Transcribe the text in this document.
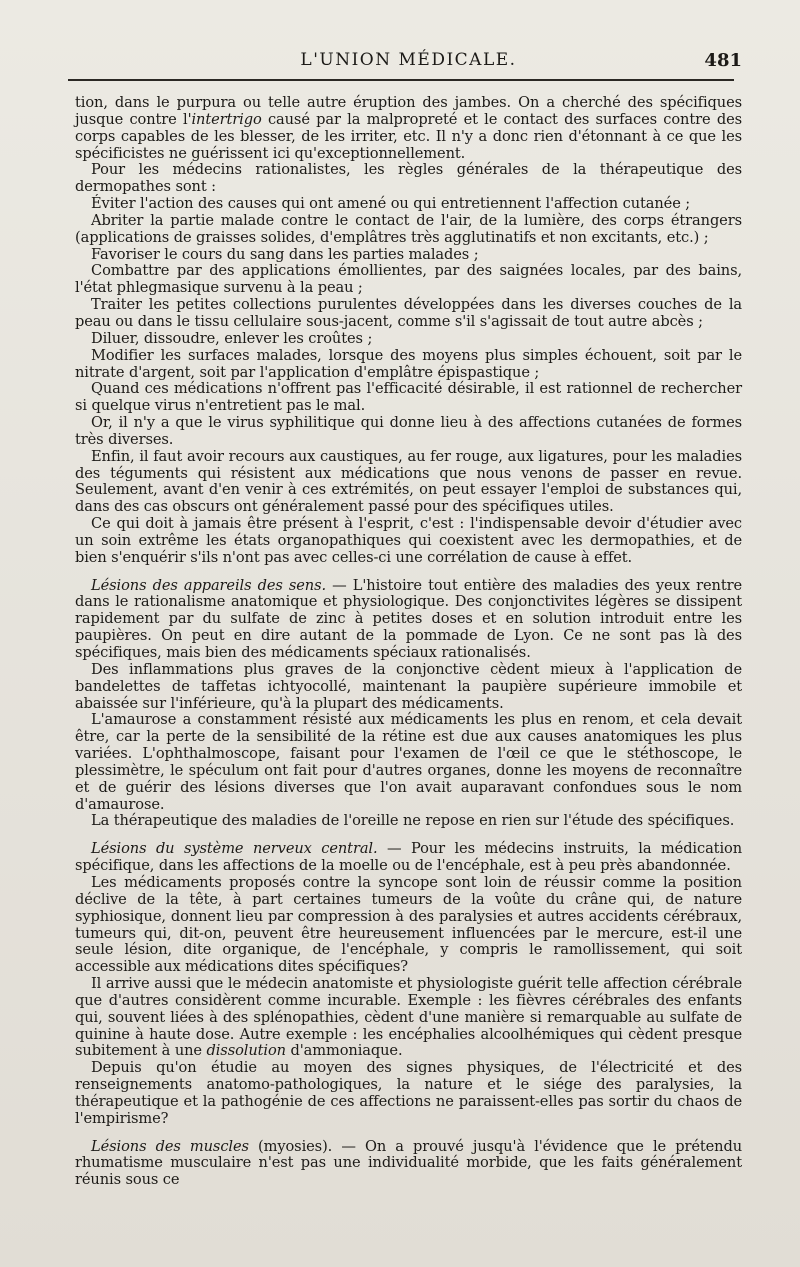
L'UNION MÉDICALE.	481

tion, dans le purpura ou telle autre éruption des jambes. On a cherché des spécifiques jusque contre l'intertrigo causé par la malpropreté et le contact des surfaces contre des corps capables de les blesser, de les irriter, etc. Il n'y a donc rien d'étonnant à ce que les spécificistes ne guérissent ici qu'exceptionnellement.

Pour les médecins rationalistes, les règles générales de la thérapeutique des dermopathes sont :

Éviter l'action des causes qui ont amené ou qui entretiennent l'affection cutanée ;

Abriter la partie malade contre le contact de l'air, de la lumière, des corps étrangers (applications de graisses solides, d'emplâtres très agglutinatifs et non excitants, etc.) ;

Favoriser le cours du sang dans les parties malades ;

Combattre par des applications émollientes, par des saignées locales, par des bains, l'état phlegmasique survenu à la peau ;

Traiter les petites collections purulentes développées dans les diverses couches de la peau ou dans le tissu cellulaire sous-jacent, comme s'il s'agissait de tout autre abcès ;

Diluer, dissoudre, enlever les croûtes ;

Modifier les surfaces malades, lorsque des moyens plus simples échouent, soit par le nitrate d'argent, soit par l'application d'emplâtre épispastique ;

Quand ces médications n'offrent pas l'efficacité désirable, il est rationnel de rechercher si quelque virus n'entretient pas le mal.

Or, il n'y a que le virus syphilitique qui donne lieu à des affections cutanées de formes très diverses.

Enfin, il faut avoir recours aux caustiques, au fer rouge, aux ligatures, pour les maladies des téguments qui résistent aux médications que nous venons de passer en revue. Seulement, avant d'en venir à ces extrémités, on peut essayer l'emploi de substances qui, dans des cas obscurs ont généralement passé pour des spécifiques utiles.

Ce qui doit à jamais être présent à l'esprit, c'est : l'indispensable devoir d'étudier avec un soin extrême les états organopathiques qui coexistent avec les dermopathies, et de bien s'enquérir s'ils n'ont pas avec celles-ci une corrélation de cause à effet.

Lésions des appareils des sens. — L'histoire tout entière des maladies des yeux rentre dans le rationalisme anatomique et physiologique. Des conjonctivites légères se dissipent rapidement par du sulfate de zinc à petites doses et en solution introduit entre les paupières. On peut en dire autant de la pommade de Lyon. Ce ne sont pas là des spécifiques, mais bien des médicaments spéciaux rationalisés.

Des inflammations plus graves de la conjonctive cèdent mieux à l'application de bandelettes de taffetas ichtyocollé, maintenant la paupière supérieure immobile et abaissée sur l'inférieure, qu'à la plupart des médicaments.

L'amaurose a constamment résisté aux médicaments les plus en renom, et cela devait être, car la perte de la sensibilité de la rétine est due aux causes anatomiques les plus variées. L'ophthalmoscope, faisant pour l'examen de l'œil ce que le stéthoscope, le plessimètre, le spéculum ont fait pour d'autres organes, donne les moyens de reconnaître et de guérir des lésions diverses que l'on avait auparavant confondues sous le nom d'amaurose.

La thérapeutique des maladies de l'oreille ne repose en rien sur l'étude des spécifiques.

Lésions du système nerveux central. — Pour les médecins instruits, la médication spécifique, dans les affections de la moelle ou de l'encéphale, est à peu près abandonnée.

Les médicaments proposés contre la syncope sont loin de réussir comme la position déclive de la tête, à part certaines tumeurs de la voûte du crâne qui, de nature syphiosique, donnent lieu par compression à des paralysies et autres accidents cérébraux, tumeurs qui, dit-on, peuvent être heureusement influencées par le mercure, est-il une seule lésion, dite organique, de l'encéphale, y compris le ramollissement, qui soit accessible aux médications dites spécifiques?

Il arrive aussi que le médecin anatomiste et physiologiste guérit telle affection cérébrale que d'autres considèrent comme incurable. Exemple : les fièvres cérébrales des enfants qui, souvent liées à des splénopathies, cèdent d'une manière si remarquable au sulfate de quinine à haute dose. Autre exemple : les encéphalies alcoolhémiques qui cèdent presque subitement à une dissolution d'ammoniaque.

Depuis qu'on étudie au moyen des signes physiques, de l'électricité et des renseignements anatomo-pathologiques, la nature et le siége des paralysies, la thérapeutique et la pathogénie de ces affections ne paraissent-elles pas sortir du chaos de l'empirisme?

Lésions des muscles (myosies). — On a prouvé jusqu'à l'évidence que le prétendu rhumatisme musculaire n'est pas une individualité morbide, que les faits généralement réunis sous ce
